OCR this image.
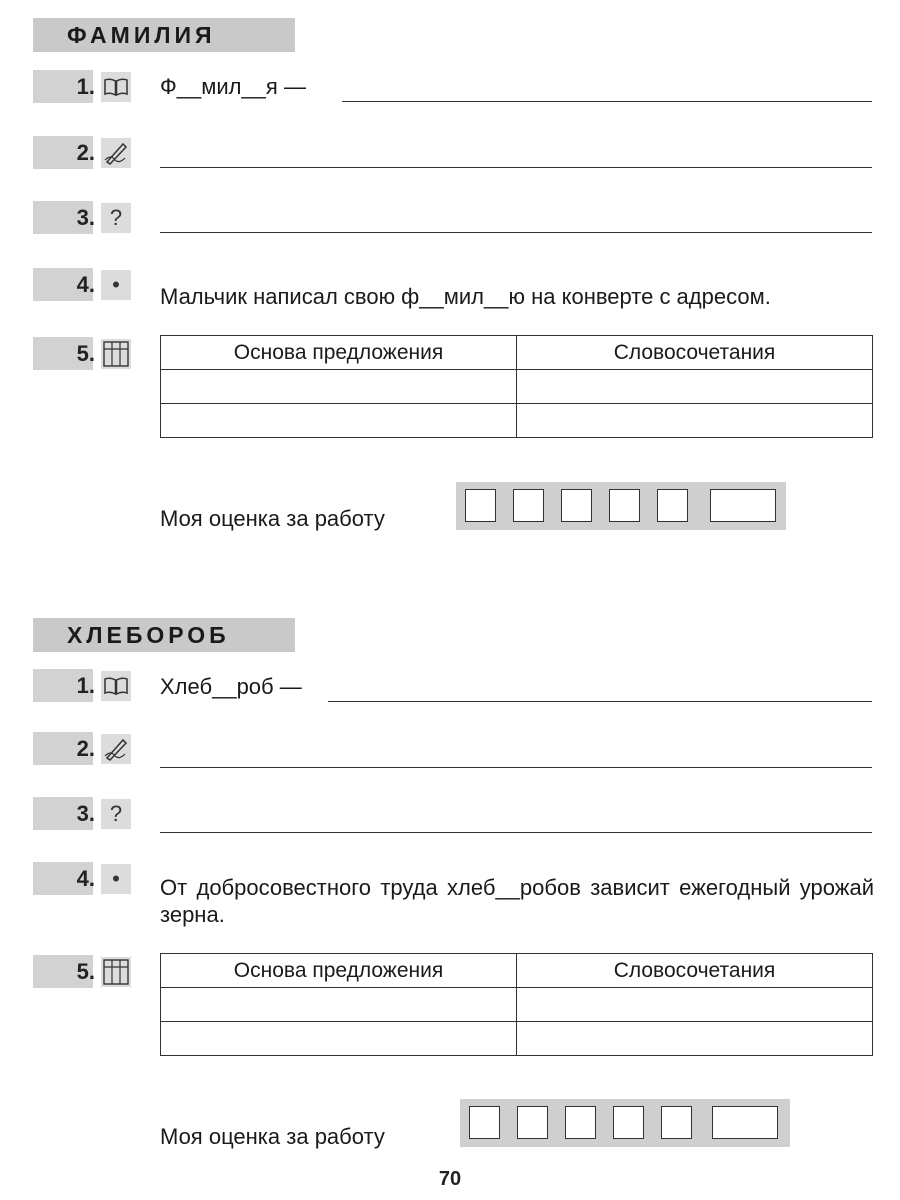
ФАМИЛИЯ
1.	Ф__мил__я —
2.
3. ?
4. •	Мальчик написал свою ф__мил__ю на конверте с адресом.
5.	Основа предложения	Словосочетания

Моя оценка за работу
ХЛЕБОРОБ
1.	Хлеб__роб —
2.
3. ?
4. •	От добросовестного труда хлеб__робов зависит ежегодный урожай зерна.
5.	Основа предложения	Словосочетания

Моя оценка за работу
70
